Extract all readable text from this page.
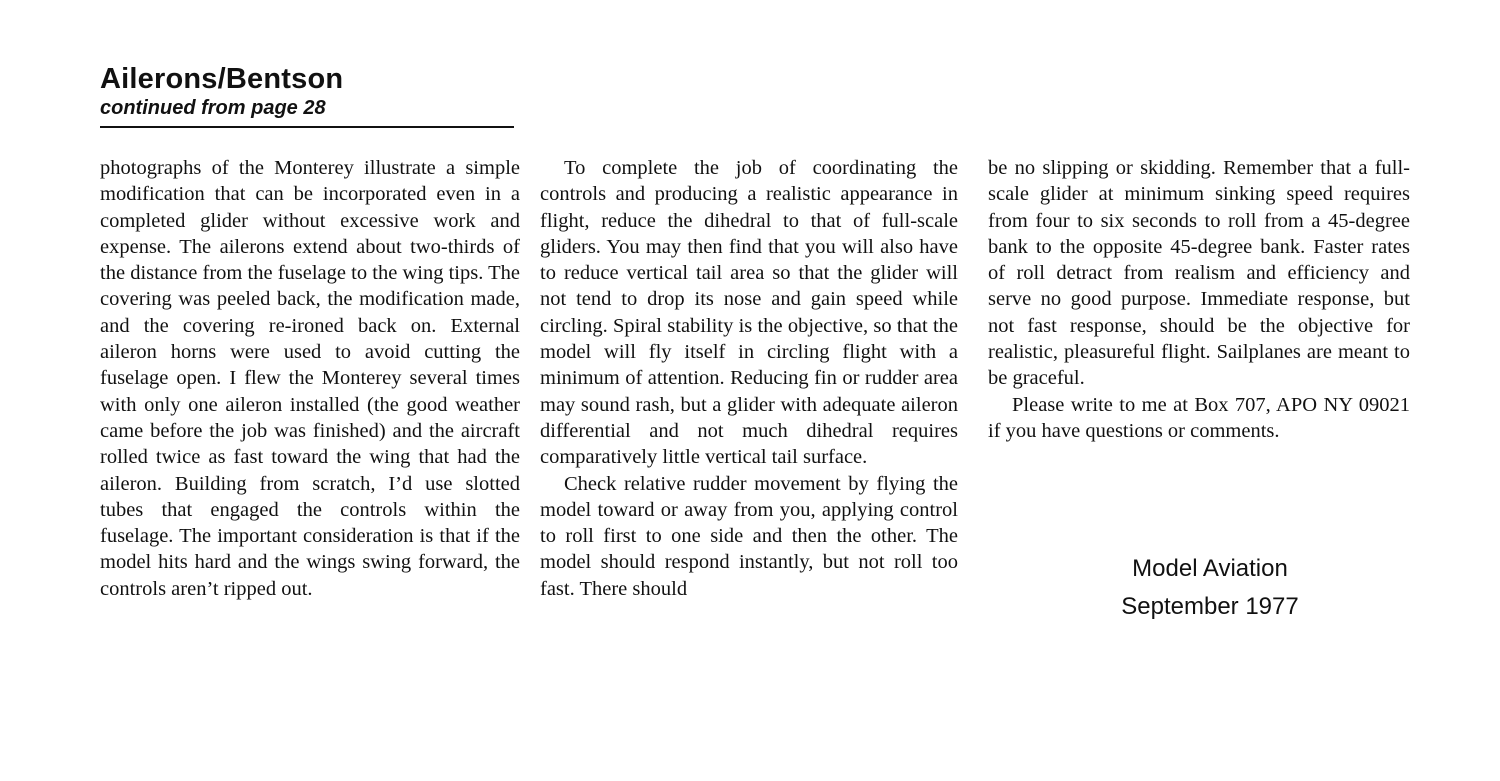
Ailerons/Bentson
continued from page 28

photographs of the Monterey illustrate a simple modification that can be incorporated even in a completed glider without excessive work and expense. The ailerons extend about two-thirds of the distance from the fuselage to the wing tips. The covering was peeled back, the modification made, and the covering re-ironed back on. External aileron horns were used to avoid cutting the fuselage open. I flew the Monterey several times with only one aileron installed (the good weather came before the job was finished) and the aircraft rolled twice as fast toward the wing that had the aileron. Building from scratch, I’d use slotted tubes that engaged the controls within the fuselage. The important consideration is that if the model hits hard and the wings swing forward, the controls aren’t ripped out.

To complete the job of coordinating the controls and producing a realistic appearance in flight, reduce the dihedral to that of full-scale gliders. You may then find that you will also have to reduce vertical tail area so that the glider will not tend to drop its nose and gain speed while circling. Spiral stability is the objective, so that the model will fly itself in circling flight with a minimum of attention. Reducing fin or rudder area may sound rash, but a glider with adequate aileron differential and not much dihedral requires comparatively little vertical tail surface.

Check relative rudder movement by flying the model toward or away from you, applying control to roll first to one side and then the other. The model should respond instantly, but not roll too fast. There should

be no slipping or skidding. Remember that a full-scale glider at minimum sinking speed requires from four to six seconds to roll from a 45-degree bank to the opposite 45-degree bank. Faster rates of roll detract from realism and efficiency and serve no good purpose. Immediate response, but not fast response, should be the objective for realistic, pleasureful flight. Sailplanes are meant to be graceful.

Please write to me at Box 707, APO NY 09021 if you have questions or comments.

Model Aviation
September 1977
